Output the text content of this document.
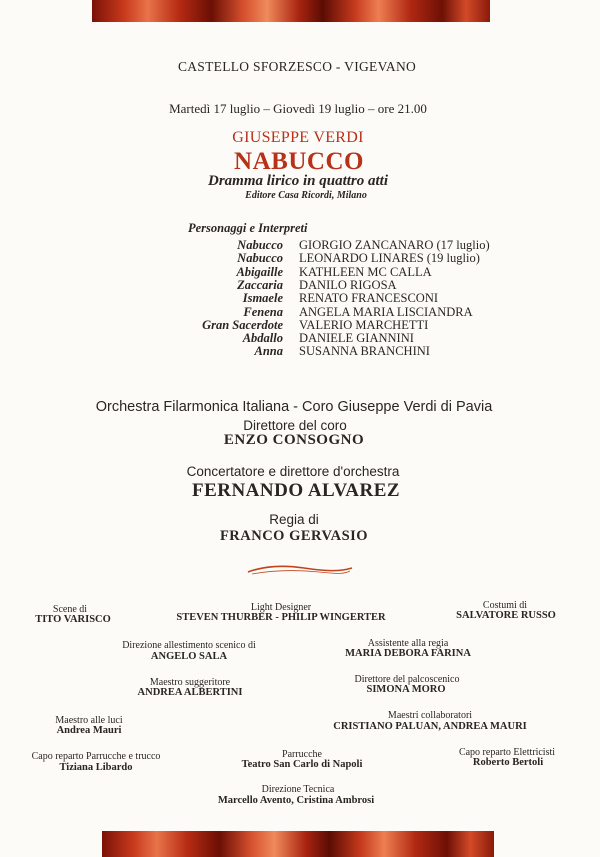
CASTELLO SFORZESCO - VIGEVANO
Martedì 17 luglio – Giovedì 19 luglio – ore 21.00
GIUSEPPE VERDI
NABUCCO
Dramma lirico in quattro atti
Editore Casa Ricordi, Milano
Personaggi e Interpreti
Nabucco GIORGIO ZANCANARO (17 luglio)
Nabucco LEONARDO LINARES (19 luglio)
Abigaille KATHLEEN MC CALLA
Zaccaria DANILO RIGOSA
Ismaele RENATO FRANCESCONI
Fenena ANGELA MARIA LISCIANDRA
Gran Sacerdote VALERIO MARCHETTI
Abdallo DANIELE GIANNINI
Anna SUSANNA BRANCHINI
Orchestra Filarmonica Italiana - Coro Giuseppe Verdi di Pavia
Direttore del coro
ENZO CONSOGNO
Concertatore e direttore d'orchestra
FERNANDO ALVAREZ
Regia di
FRANCO GERVASIO
Scene di
TITO VARISCO
Light Designer
STEVEN THURBER - PHILIP WINGERTER
Costumi di
SALVATORE RUSSO
Direzione allestimento scenico di
ANGELO SALA
Assistente alla regia
MARIA DEBORA FARINA
Maestro suggeritore
ANDREA ALBERTINI
Direttore del palcoscenico
SIMONA MORO
Maestro alle luci
Andrea Mauri
Maestri collaboratori
CRISTIANO PALUAN, ANDREA MAURI
Capo reparto Parrucche e trucco
Tiziana Libardo
Parrucche
Teatro San Carlo di Napoli
Capo reparto Elettricisti
Roberto Bertoli
Direzione Tecnica
Marcello Avento, Cristina Ambrosi
